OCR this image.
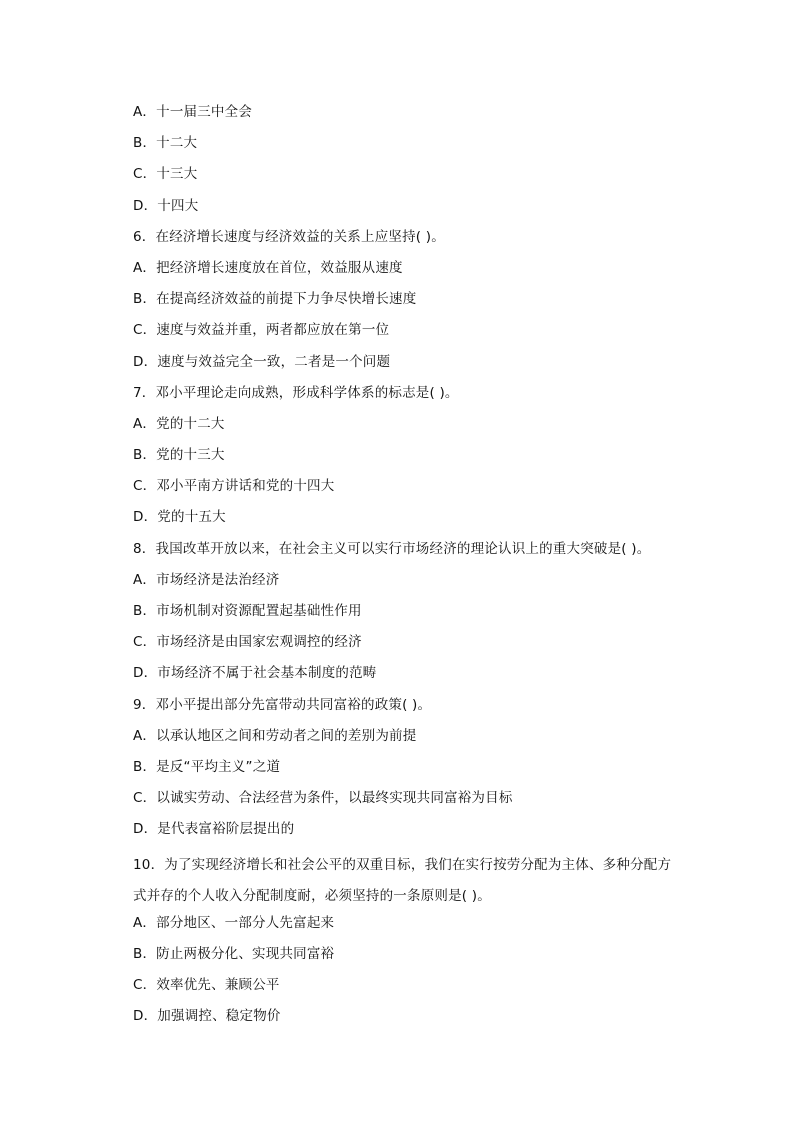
A．十一届三中全会
B．十二大
C．十三大
D．十四大
6．在经济增长速度与经济效益的关系上应坚持( )。
A．把经济增长速度放在首位，效益服从速度
B．在提高经济效益的前提下力争尽快增长速度
C．速度与效益并重，两者都应放在第一位
D．速度与效益完全一致，二者是一个问题
7．邓小平理论走向成熟，形成科学体系的标志是( )。
A．党的十二大
B．党的十三大
C．邓小平南方讲话和党的十四大
D．党的十五大
8．我国改革开放以来，在社会主义可以实行市场经济的理论认识上的重大突破是( )。
A．市场经济是法治经济
B．市场机制对资源配置起基础性作用
C．市场经济是由国家宏观调控的经济
D．市场经济不属于社会基本制度的范畴
9．邓小平提出部分先富带动共同富裕的政策( )。
A．以承认地区之间和劳动者之间的差别为前提
B．是反“平均主义”之道
C．以诚实劳动、合法经营为条件，以最终实现共同富裕为目标
D．是代表富裕阶层提出的
10．为了实现经济增长和社会公平的双重目标，我们在实行按劳分配为主体、多种分配方式并存的个人收入分配制度耐，必须坚持的一条原则是( )。
A．部分地区、一部分人先富起来
B．防止两极分化、实现共同富裕
C．效率优先、兼顾公平
D．加强调控、稳定物价
